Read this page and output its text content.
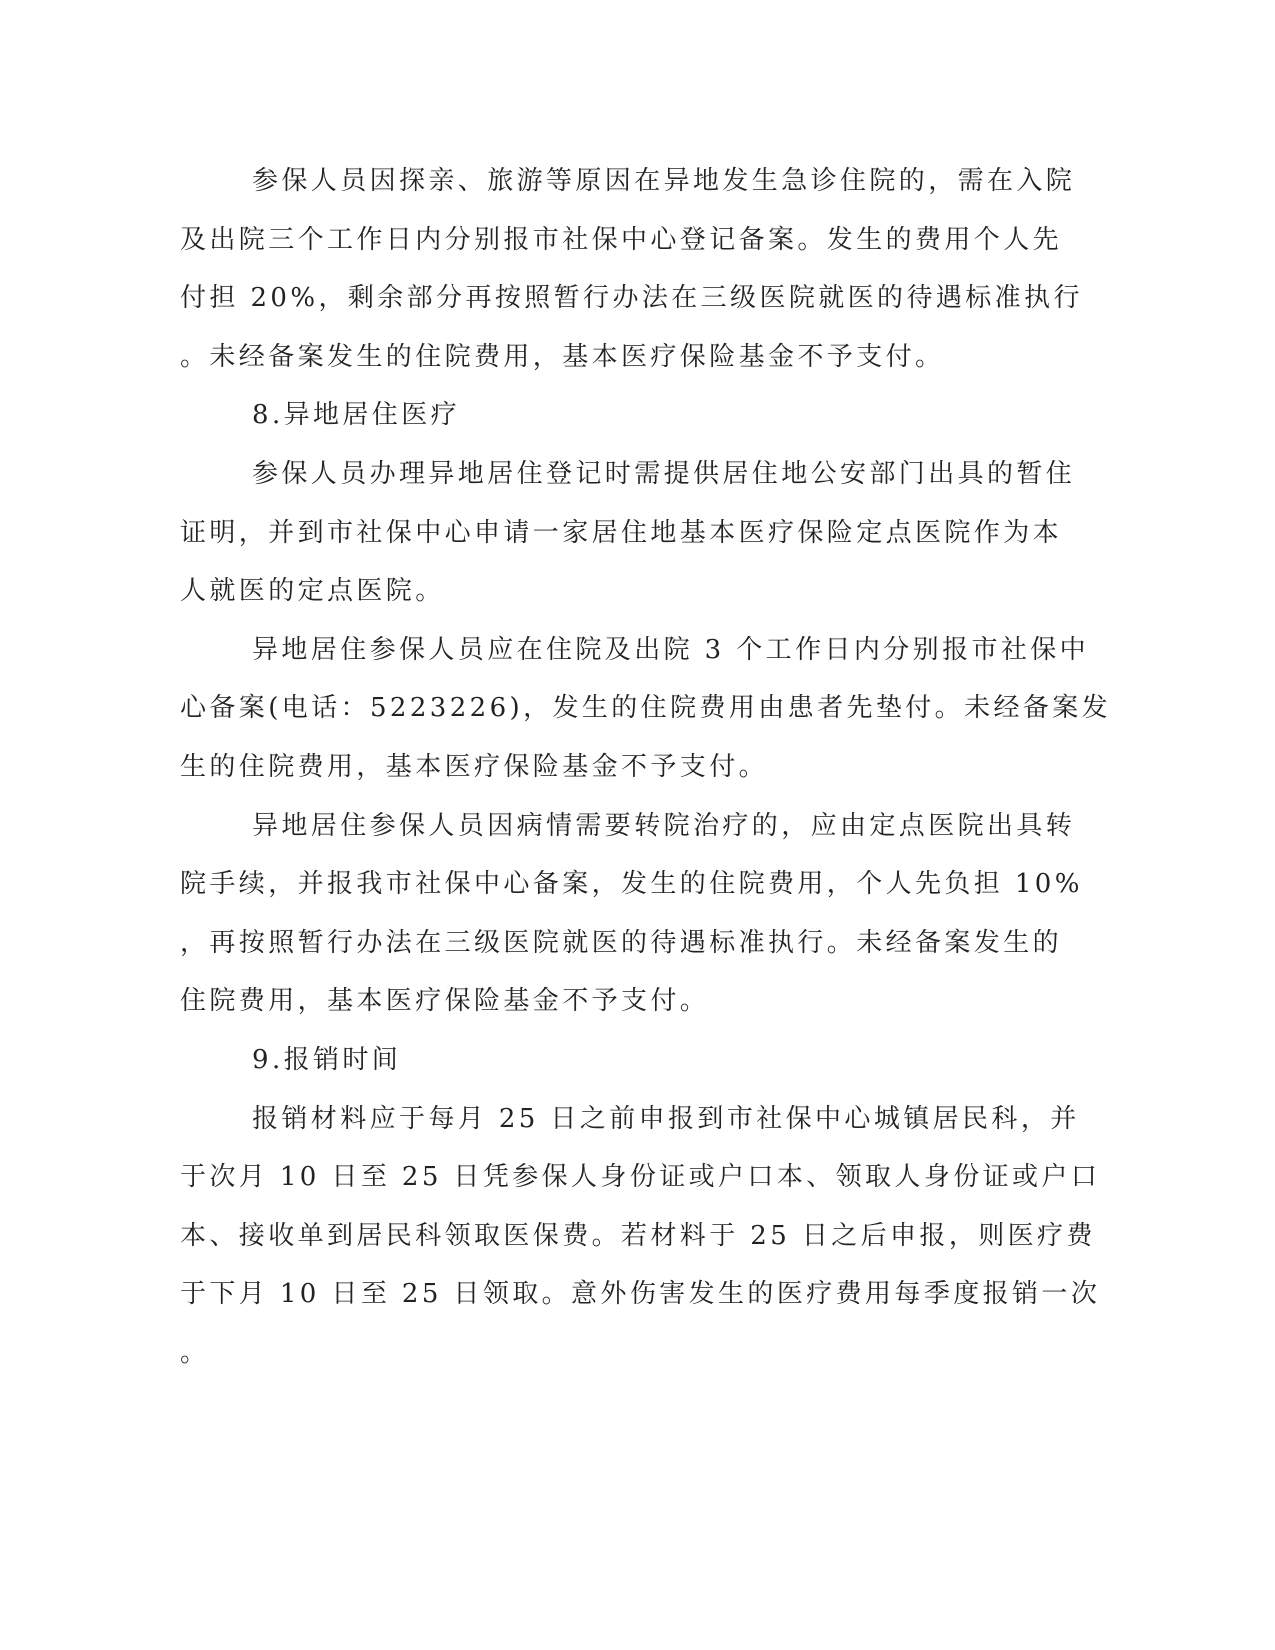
参保人员因探亲、旅游等原因在异地发生急诊住院的，需在入院
及出院三个工作日内分别报市社保中心登记备案。发生的费用个人先
付担 20%，剩余部分再按照暂行办法在三级医院就医的待遇标准执行
。未经备案发生的住院费用，基本医疗保险基金不予支付。

8.异地居住医疗

参保人员办理异地居住登记时需提供居住地公安部门出具的暂住
证明，并到市社保中心申请一家居住地基本医疗保险定点医院作为本
人就医的定点医院。

异地居住参保人员应在住院及出院 3 个工作日内分别报市社保中
心备案(电话：5223226)，发生的住院费用由患者先垫付。未经备案发
生的住院费用，基本医疗保险基金不予支付。

异地居住参保人员因病情需要转院治疗的，应由定点医院出具转
院手续，并报我市社保中心备案，发生的住院费用，个人先负担 10%
，再按照暂行办法在三级医院就医的待遇标准执行。未经备案发生的
住院费用，基本医疗保险基金不予支付。

9.报销时间

报销材料应于每月 25 日之前申报到市社保中心城镇居民科，并
于次月 10 日至 25 日凭参保人身份证或户口本、领取人身份证或户口
本、接收单到居民科领取医保费。若材料于 25 日之后申报，则医疗费
于下月 10 日至 25 日领取。意外伤害发生的医疗费用每季度报销一次
。
